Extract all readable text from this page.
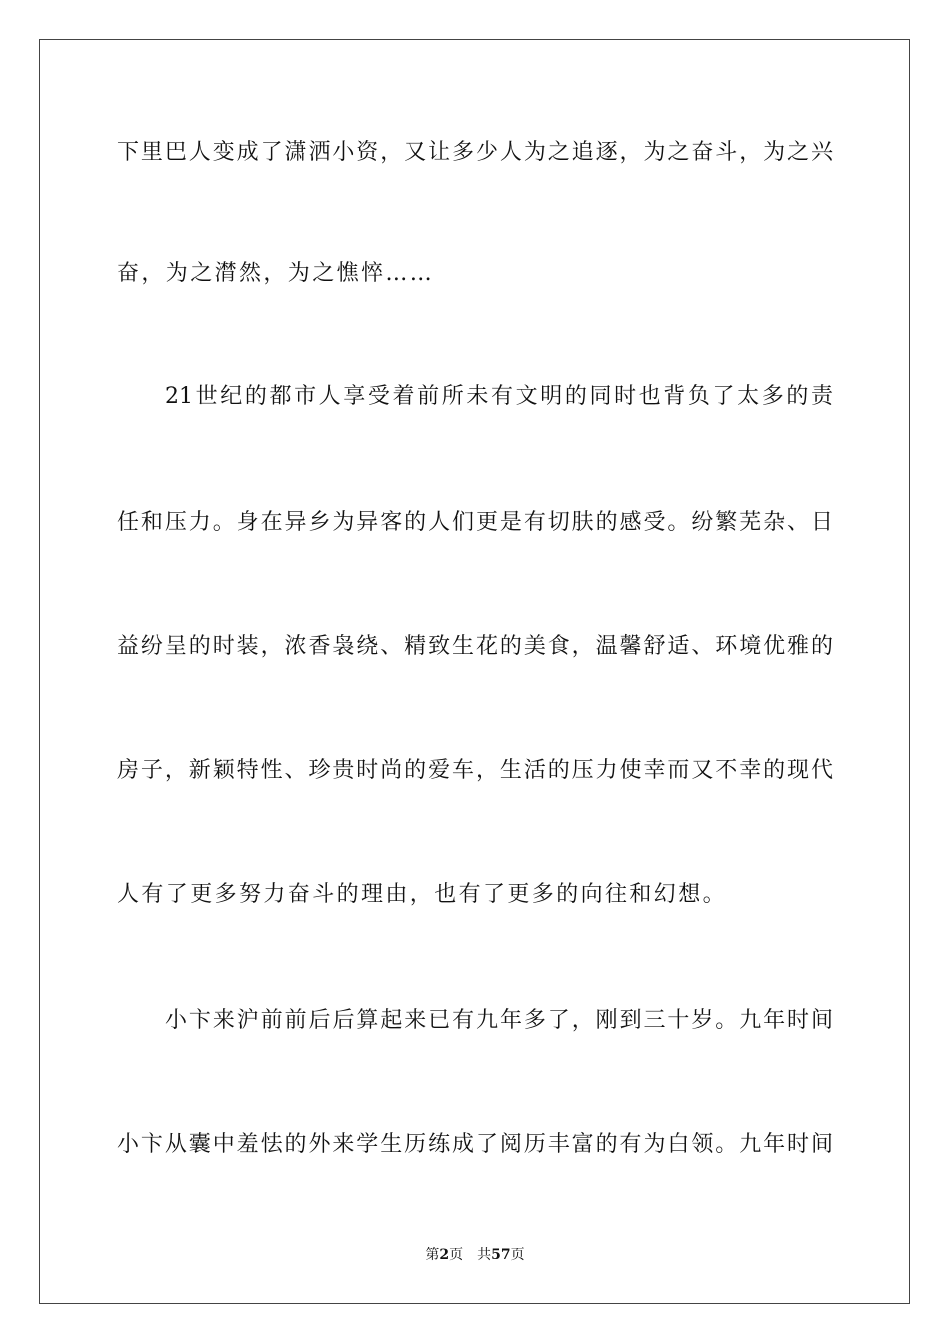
下里巴人变成了潇洒小资，又让多少人为之追逐，为之奋斗，为之兴
奋，为之潸然，为之憔悴……
21世纪的都市人享受着前所未有文明的同时也背负了太多的责
任和压力。身在异乡为异客的人们更是有切肤的感受。纷繁芜杂、日
益纷呈的时装，浓香袅绕、精致生花的美食，温馨舒适、环境优雅的
房子，新颖特性、珍贵时尚的爱车，生活的压力使幸而又不幸的现代
人有了更多努力奋斗的理由，也有了更多的向往和幻想。
小卞来沪前前后后算起来已有九年多了，刚到三十岁。九年时间
小卞从囊中羞怯的外来学生历练成了阅历丰富的有为白领。九年时间
第2页 共57页
